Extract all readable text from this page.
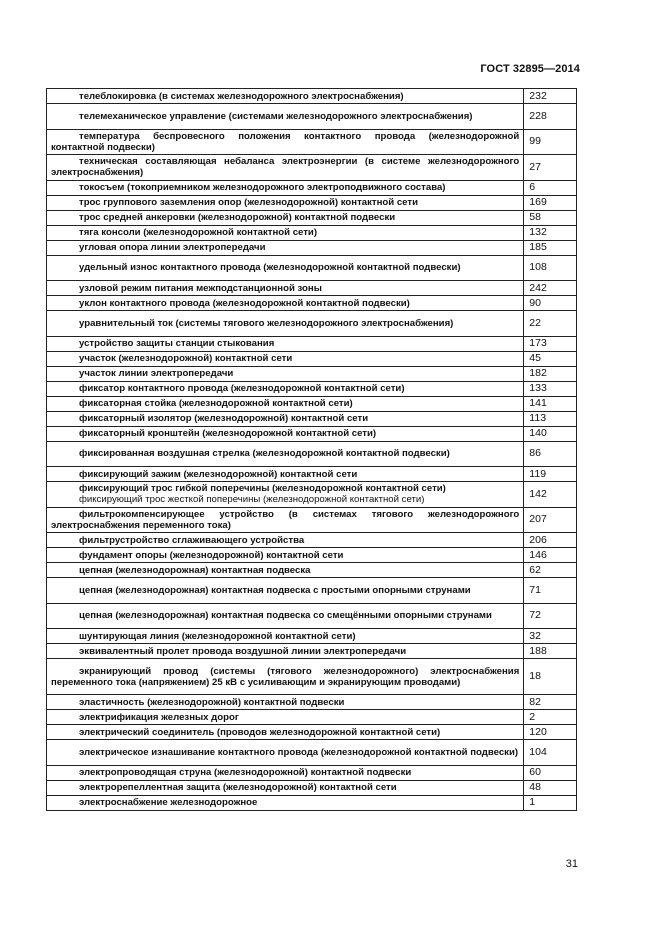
ГОСТ 32895—2014
телеблокировка (в системах железнодорожного электроснабжения)	232

телемеханическое управление (системами железнодорожного электроснабжения)	228

температура беспровесного положения контактного провода (железнодорожной контактной подвески)	99

техническая составляющая небаланса электроэнергии (в системе железнодорожного электроснабжения)	27

токосъем (токоприемником железнодорожного электроподвижного состава)	6

трос группового заземления опор (железнодорожной) контактной сети	169

трос средней анкеровки (железнодорожной) контактной подвески	58

тяга консоли (железнодорожной контактной сети)	132

угловая опора линии электропередачи	185

удельный износ контактного провода (железнодорожной контактной подвески)	108

узловой режим питания межподстанционной зоны	242

уклон контактного провода (железнодорожной контактной подвески)	90

уравнительный ток (системы тягового железнодорожного электроснабжения)	22

устройство защиты станции стыкования	173

участок (железнодорожной) контактной сети	45

участок линии электропередачи	182

фиксатор контактного провода (железнодорожной контактной сети)	133

фиксаторная стойка (железнодорожной контактной сети)	141

фиксаторный изолятор (железнодорожной) контактной сети	113

фиксаторный кронштейн (железнодорожной контактной сети)	140

фиксированная воздушная стрелка (железнодорожной контактной подвески)	86

фиксирующий зажим (железнодорожной) контактной сети	119

фиксирующий трос гибкой поперечины (железнодорожной контактной сети)
фиксирующий трос жесткой поперечины (железнодорожной контактной сети)	142

фильтрокомпенсирующее устройство (в системах тягового железнодорожного электроснабжения переменного тока)	207

фильтрустройство сглаживающего устройства	206

фундамент опоры (железнодорожной) контактной сети	146

цепная (железнодорожная) контактная подвеска	62

цепная (железнодорожная) контактная подвеска с простыми опорными струнами	71

цепная (железнодорожная) контактная подвеска со смещёнными опорными струнами	72

шунтирующая линия (железнодорожной контактной сети)	32

эквивалентный пролет провода воздушной линии электропередачи	188

экранирующий провод (системы (тягового железнодорожного) электроснабжения переменного тока (напряжением) 25 кВ с усиливающим и экранирующим проводами)	18

эластичность (железнодорожной) контактной подвески	82

электрификация железных дорог	2

электрический соединитель (проводов железнодорожной контактной сети)	120

электрическое изнашивание контактного провода (железнодорожной контактной подвески)	104

электропроводящая струна (железнодорожной) контактной подвески	60

электрорепеллентная защита (железнодорожной) контактной сети	48

электроснабжение железнодорожное	1
31
